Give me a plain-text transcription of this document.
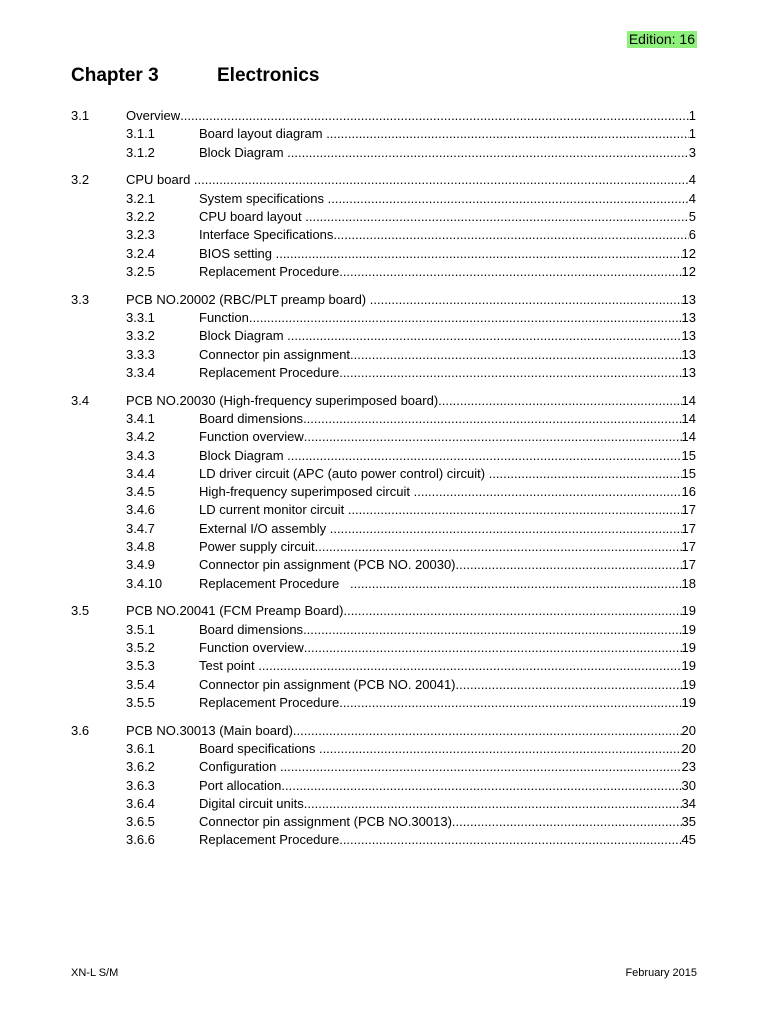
Edition: 16
Chapter 3	Electronics
3.1	Overview .....	1
3.1.1	Board layout diagram .....	1
3.1.2	Block Diagram .....	3
3.2	CPU board .....	4
3.2.1	System specifications .....	4
3.2.2	CPU board layout .....	5
3.2.3	Interface Specifications .....	6
3.2.4	BIOS setting .....	12
3.2.5	Replacement Procedure .....	12
3.3	PCB NO.20002 (RBC/PLT preamp board) .....	13
3.3.1	Function .....	13
3.3.2	Block Diagram .....	13
3.3.3	Connector pin assignment .....	13
3.3.4	Replacement Procedure .....	13
3.4	PCB NO.20030 (High-frequency superimposed board) .....	14
3.4.1	Board dimensions .....	14
3.4.2	Function overview .....	14
3.4.3	Block Diagram .....	15
3.4.4	LD driver circuit (APC (auto power control) circuit) .....	15
3.4.5	High-frequency superimposed circuit .....	16
3.4.6	LD current monitor circuit .....	17
3.4.7	External I/O assembly .....	17
3.4.8	Power supply circuit .....	17
3.4.9	Connector pin assignment (PCB NO. 20030) .....	17
3.4.10	Replacement Procedure .....	18
3.5	PCB NO.20041 (FCM Preamp Board) .....	19
3.5.1	Board dimensions .....	19
3.5.2	Function overview .....	19
3.5.3	Test point .....	19
3.5.4	Connector pin assignment (PCB NO. 20041) .....	19
3.5.5	Replacement Procedure .....	19
3.6	PCB NO.30013 (Main board) .....	20
3.6.1	Board specifications .....	20
3.6.2	Configuration .....	23
3.6.3	Port allocation .....	30
3.6.4	Digital circuit units .....	34
3.6.5	Connector pin assignment (PCB NO.30013) .....	35
3.6.6	Replacement Procedure .....	45
XN-L S/M	February 2015
